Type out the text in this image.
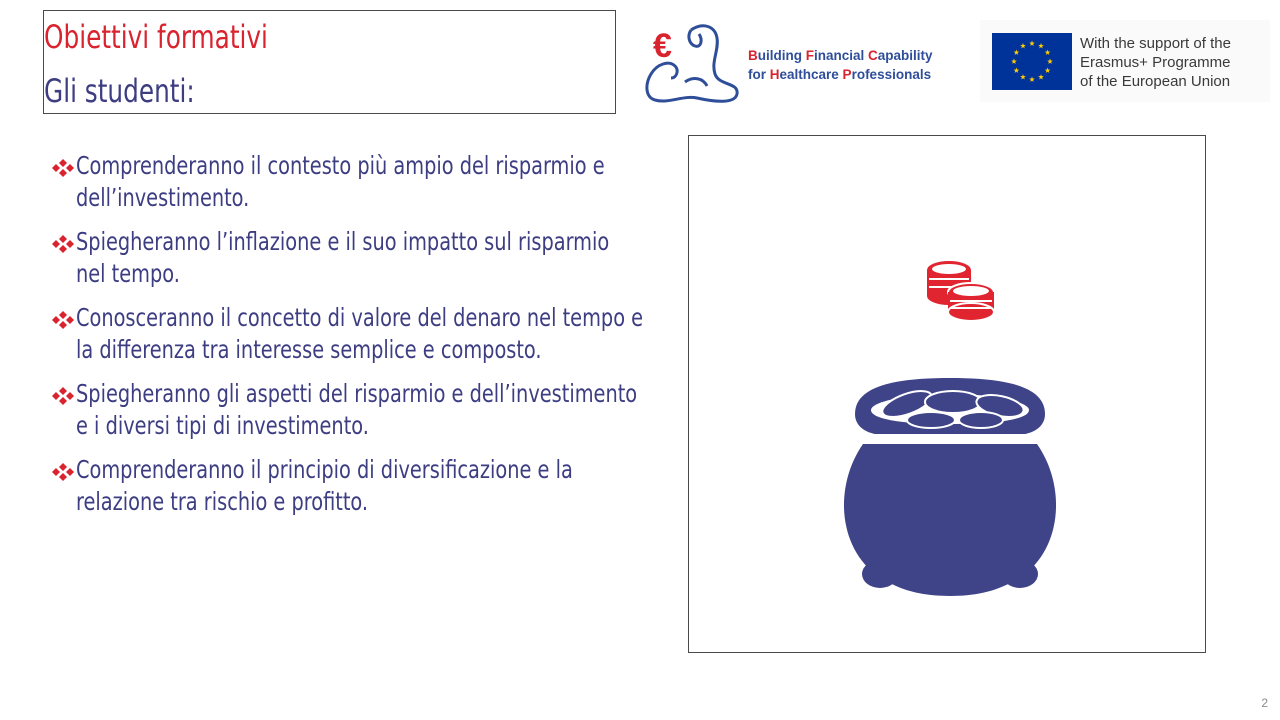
Obiettivi formativi
Gli studenti:
€	Building Financial Capability
for Healthcare Professionals
With the support of the
Erasmus+ Programme
of the European Union
Comprenderanno il contesto più ampio del risparmio e dell’investimento.
Spiegheranno l’inflazione e il suo impatto sul risparmio nel tempo.
Conosceranno il concetto di valore del denaro nel tempo e la differenza tra interesse semplice e composto.
Spiegheranno gli aspetti del risparmio e dell’investimento e i diversi tipi di investimento.
Comprenderanno il principio di diversificazione e la relazione tra rischio e profitto.
2
